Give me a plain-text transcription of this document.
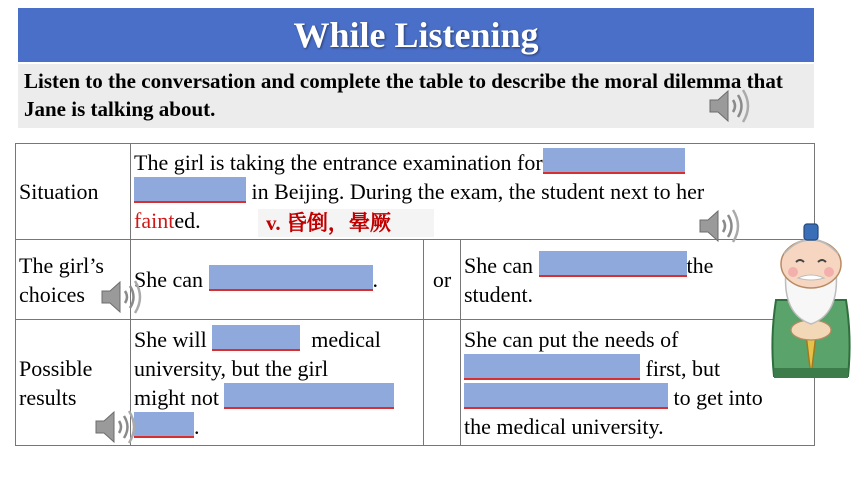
While Listening

Listen to the conversation and complete the table to describe the moral dilemma that Jane is talking about.

Situation	The girl is taking the entrance examination for
in Beijing. During the exam, the student next to her
fainted.		
The girl’s
choices	She can .	or	She can the
student.
Possible
results	She will medical
university, but the girl
might not
.		She can put the needs of
first, but
to get into
the medical university.
v. 昏倒，晕厥
